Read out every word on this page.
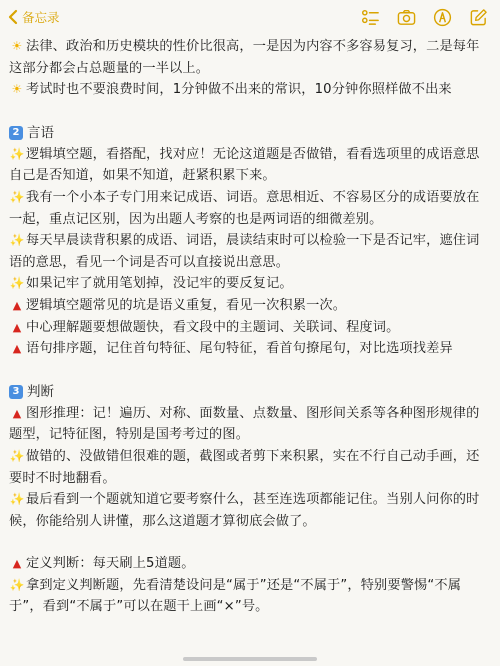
备忘录
☀ 法律、政治和历史模块的性价比很高，一是因为内容不多容易复习，二是每年这部分都会占总题量的一半以上。
☀ 考试时也不要浪费时间，1分钟做不出来的常识，10分钟你照样做不出来
2 言语
✨逻辑填空题，看搭配，找对应！无论这道题是否做错，看看选项里的成语意思自己是否知道，如果不知道，赶紧积累下来。
✨我有一个小本子专门用来记成语、词语。意思相近、不容易区分的成语要放在一起，重点记区别，因为出题人考察的也是两词语的细微差别。
✨每天早晨读背积累的成语、词语，晨读结束时可以检验一下是否记牢，遮住词语的意思，看见一个词是否可以直接说出意思。
✨如果记牢了就用笔划掉，没记牢的要反复记。
▲ 逻辑填空题常见的坑是语义重复，看见一次积累一次。
▲ 中心理解题要想做题快，看文段中的主题词、关联词、程度词。
▲ 语句排序题，记住首句特征、尾句特征，看首句撩尾句，对比选项找差异
3 判断
▲ 图形推理：记！遍历、对称、面数量、点数量、图形间关系等各种图形规律的题型，记特征图，特别是国考考过的图。
✨做错的、没做错但很难的题，截图或者剪下来积累，实在不行自己动手画，还要时不时地翻看。
✨最后看到一个题就知道它要考察什么，甚至连选项都能记住。当别人问你的时候，你能给别人讲懂，那么这道题才算彻底会做了。
▲ 定义判断：每天刷上5道题。
✨拿到定义判断题，先看清楚设问是“属于”还是“不属于”，特别要警惕“不属于”，看到“不属于”可以在题干上画“×”号。
